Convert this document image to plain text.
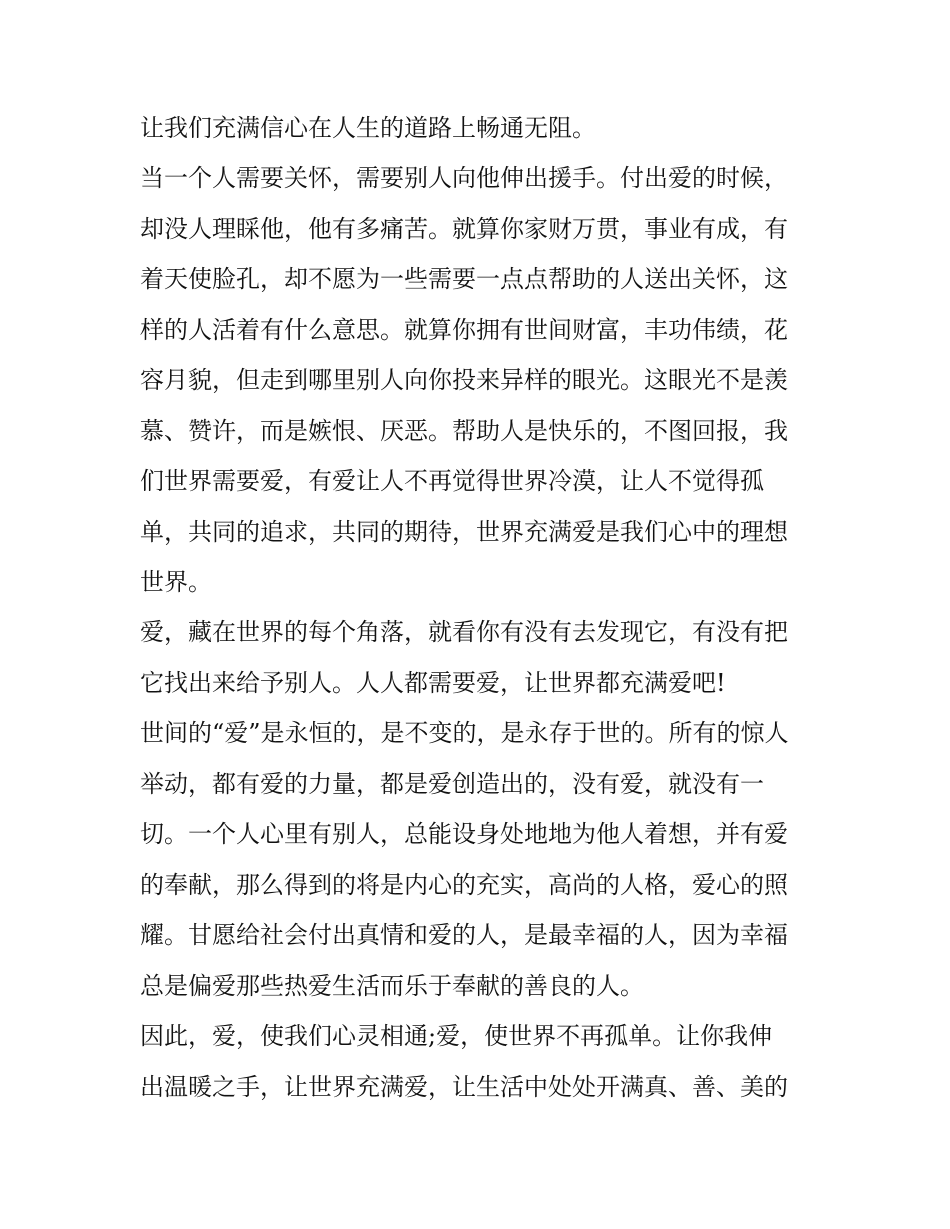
让我们充满信心在人生的道路上畅通无阻。
当一个人需要关怀，需要别人向他伸出援手。付出爱的时候，
却没人理睬他，他有多痛苦。就算你家财万贯，事业有成，有
着天使脸孔，却不愿为一些需要一点点帮助的人送出关怀，这
样的人活着有什么意思。就算你拥有世间财富，丰功伟绩，花
容月貌，但走到哪里别人向你投来异样的眼光。这眼光不是羡
慕、赞许，而是嫉恨、厌恶。帮助人是快乐的，不图回报，我
们世界需要爱，有爱让人不再觉得世界冷漠，让人不觉得孤
单，共同的追求，共同的期待，世界充满爱是我们心中的理想
世界。
爱，藏在世界的每个角落，就看你有没有去发现它，有没有把
它找出来给予别人。人人都需要爱，让世界都充满爱吧!
世间的“爱”是永恒的，是不变的，是永存于世的。所有的惊人
举动，都有爱的力量，都是爱创造出的，没有爱，就没有一
切。一个人心里有别人，总能设身处地地为他人着想，并有爱
的奉献，那么得到的将是内心的充实，高尚的人格，爱心的照
耀。甘愿给社会付出真情和爱的人，是最幸福的人，因为幸福
总是偏爱那些热爱生活而乐于奉献的善良的人。
因此，爱，使我们心灵相通;爱，使世界不再孤单。让你我伸
出温暖之手，让世界充满爱，让生活中处处开满真、善、美的
